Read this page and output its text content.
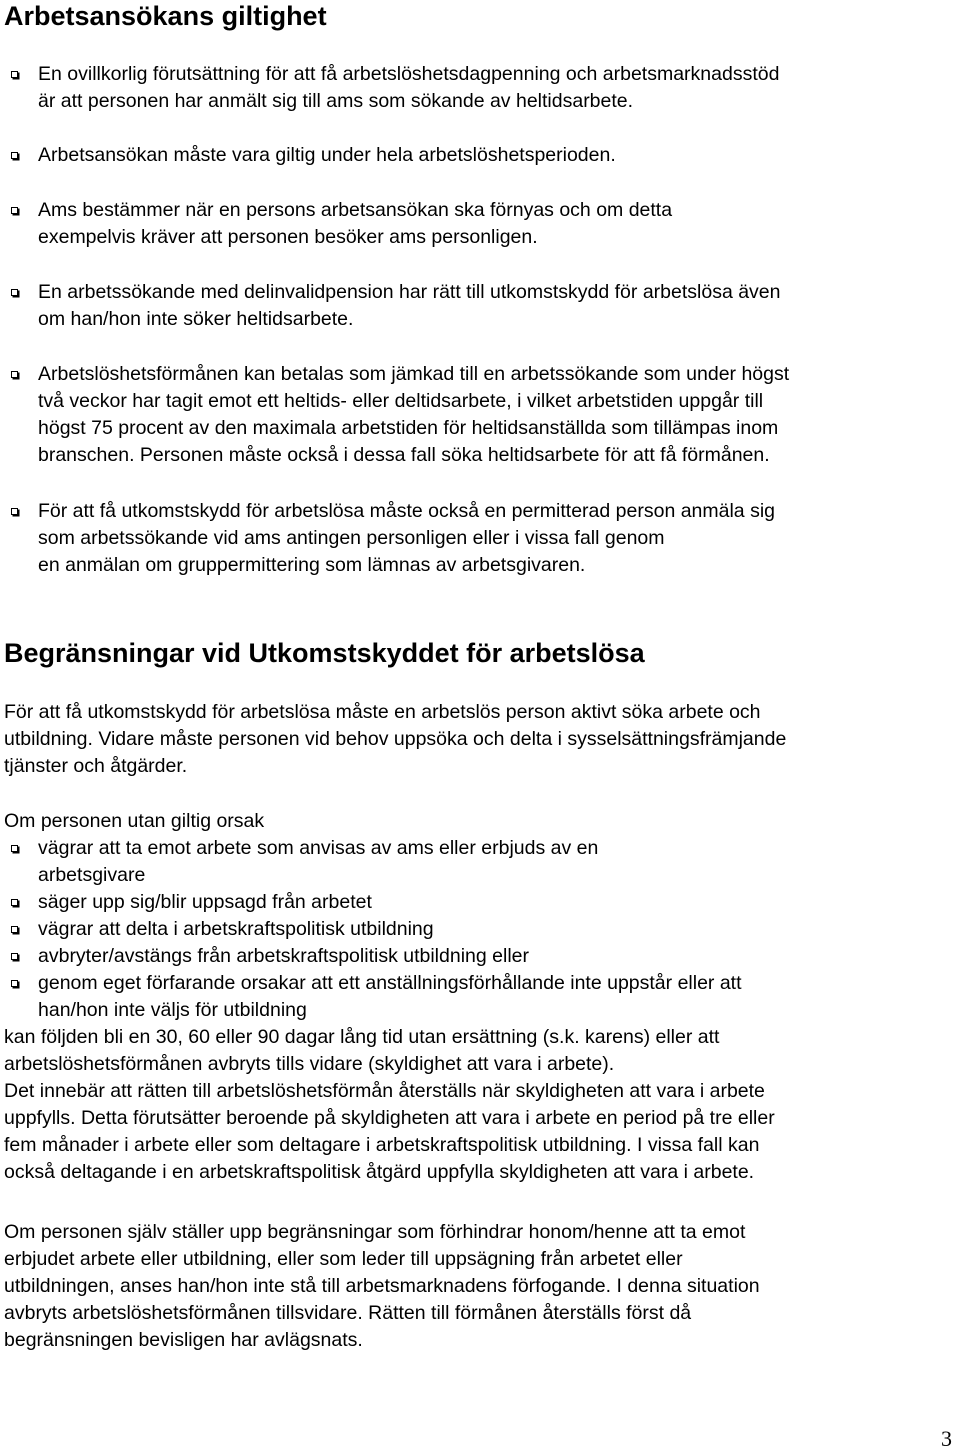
Arbetsansökans giltighet
En ovillkorlig förutsättning för att få arbetslöshetsdagpenning och arbetsmarknadsstöd
är att personen har anmält sig till ams som sökande av heltidsarbete.
Arbetsansökan måste vara giltig under hela arbetslöshetsperioden.
Ams bestämmer när en persons arbetsansökan ska förnyas och om detta
exempelvis kräver att personen besöker ams personligen.
En arbetssökande med delinvalidpension har rätt till utkomstskydd för arbetslösa även
om han/hon inte söker heltidsarbete.
Arbetslöshetsförmånen kan betalas som jämkad till en arbetssökande som under högst
två veckor har tagit emot ett heltids- eller deltidsarbete, i vilket arbetstiden uppgår till
högst 75 procent av den maximala arbetstiden för heltidsanställda som tillämpas inom
branschen. Personen måste också i dessa fall söka heltidsarbete för att få förmånen.
För att få utkomstskydd för arbetslösa måste också en permitterad person anmäla sig
som arbetssökande vid ams antingen personligen eller i vissa fall genom
en anmälan om gruppermittering som lämnas av arbetsgivaren.
Begränsningar vid Utkomstskyddet för arbetslösa
För att få utkomstskydd för arbetslösa måste en arbetslös person aktivt söka arbete och
utbildning. Vidare måste personen vid behov uppsöka och delta i sysselsättningsfrämjande
tjänster och åtgärder.
Om personen utan giltig orsak
vägrar att ta emot arbete som anvisas av ams eller erbjuds av en
arbetsgivare
säger upp sig/blir uppsagd från arbetet
vägrar att delta i arbetskraftspolitisk utbildning
avbryter/avstängs från arbetskraftspolitisk utbildning eller
genom eget förfarande orsakar att ett anställningsförhållande inte uppstår eller att
han/hon inte väljs för utbildning
kan följden bli en 30, 60 eller 90 dagar lång tid utan ersättning (s.k. karens) eller att
arbetslöshetsförmånen avbryts tills vidare (skyldighet att vara i arbete).
Det innebär att rätten till arbetslöshetsförmån återställs när skyldigheten att vara i arbete
uppfylls. Detta förutsätter beroende på skyldigheten att vara i arbete en period på tre eller
fem månader i arbete eller som deltagare i arbetskraftspolitisk utbildning. I vissa fall kan
också deltagande i en arbetskraftspolitisk åtgärd uppfylla skyldigheten att vara i arbete.
Om personen själv ställer upp begränsningar som förhindrar honom/henne att ta emot
erbjudet arbete eller utbildning, eller som leder till uppsägning från arbetet eller
utbildningen, anses han/hon inte stå till arbetsmarknadens förfogande. I denna situation
avbryts arbetslöshetsförmånen tillsvidare. Rätten till förmånen återställs först då
begränsningen bevisligen har avlägsnats.
3
